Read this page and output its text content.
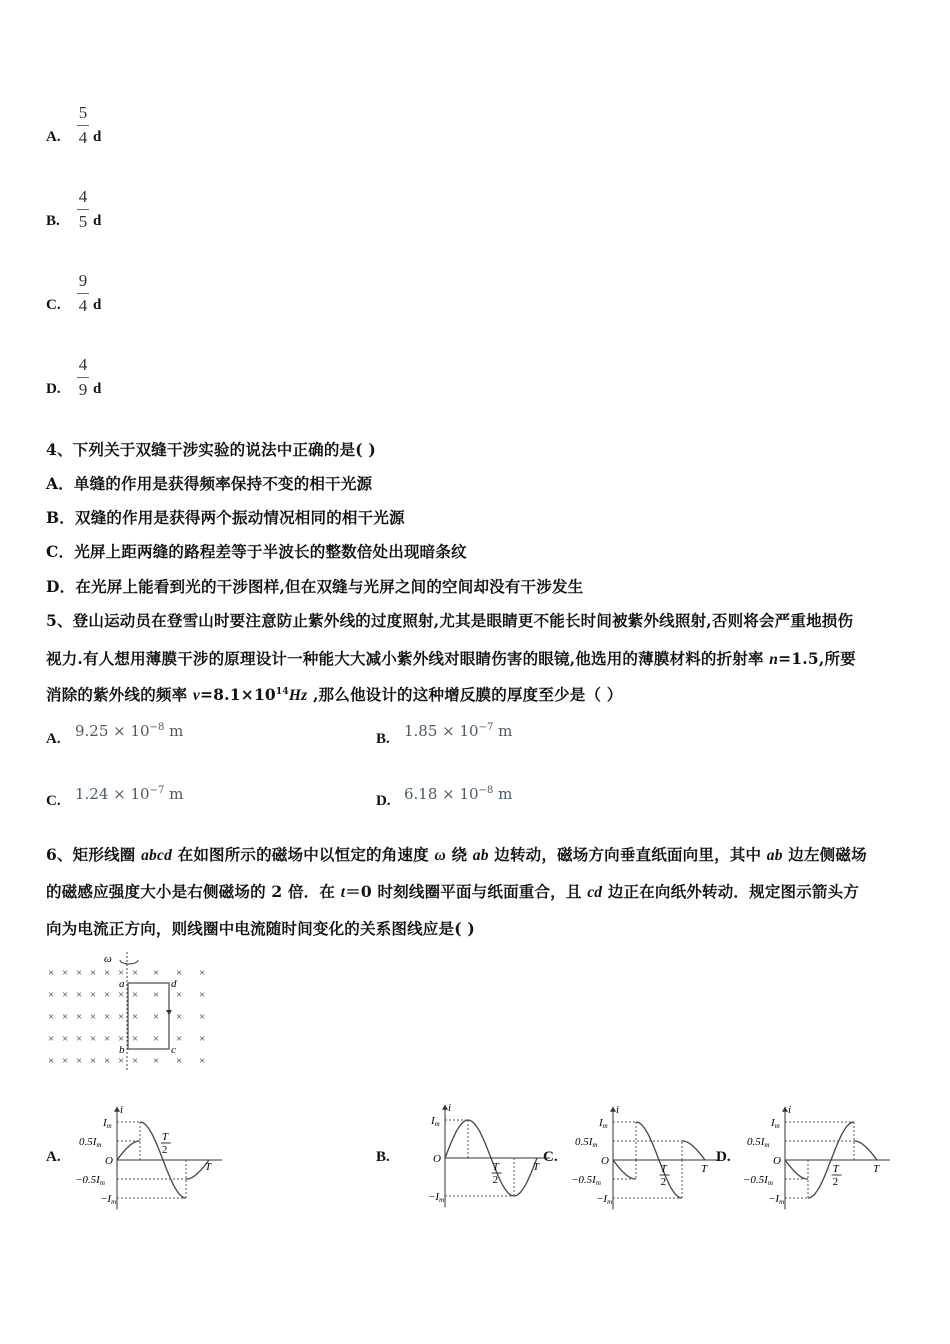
A.
5
4 d
B.
4
5 d
C.
9
4 d
D.
4
9 d
4、下列关于双缝干涉实验的说法中正确的是( )
A．单缝的作用是获得频率保持不变的相干光源
B．双缝的作用是获得两个振动情况相同的相干光源
C．光屏上距两缝的路程差等于半波长的整数倍处出现暗条纹
D．在光屏上能看到光的干涉图样,但在双缝与光屏之间的空间却没有干涉发生
5、登山运动员在登雪山时要注意防止紫外线的过度照射,尤其是眼睛更不能长时间被紫外线照射,否则将会严重地损伤
视力.有人想用薄膜干涉的原理设计一种能大大减小紫外线对眼睛伤害的眼镜,他选用的薄膜材料的折射率 n=1.5,所要
消除的紫外线的频率 $v=8.1\times 10^{14}Hz$ ,那么他设计的这种增反膜的厚度至少是（ ）
A. $9.25 \times 10^{-8}$ m	B. $1.85 \times 10^{-7}$ m
C. $1.24 \times 10^{-7}$ m	D. $6.18 \times 10^{-8}$ m
6、矩形线圈 abcd 在如图所示的磁场中以恒定的角速度 ω 绕 ab 边转动，磁场方向垂直纸面向里，其中 ab 边左侧磁场
的磁感应强度大小是右侧磁场的 2 倍．在 t＝0 时刻线圈平面与纸面重合，且 cd 边正在向纸外转动．规定图示箭头方
向为电流正方向，则线圈中电流随时间变化的关系图线应是( )
× × × × × × × × × ×
× × × × × × × × × ×
× × × × × × × × × ×
× × × × × × × × × ×
× × × × × × × × × ×
ω
a
b	c
d
A.	B.	C.	D.
i
O
Im
−Im
0.5Im
−0.5Im
T
2
T
i
O
Im
−Im
T
2
T
i
O
Im
−Im
0.5Im
−0.5Im
T
2
T
i
O
Im
−Im
0.5Im
−0.5Im
T
2
T
